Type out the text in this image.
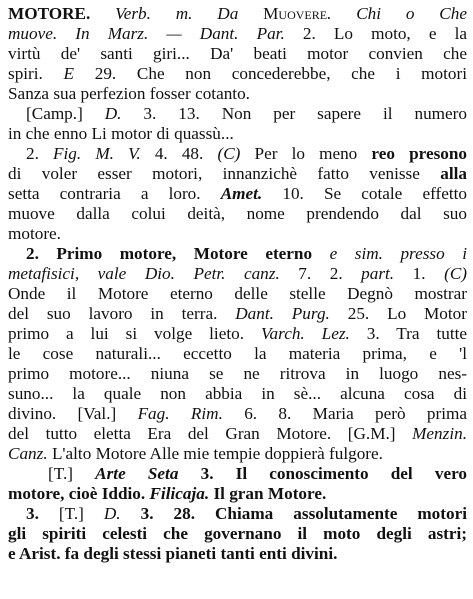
MOTORE. Verb. m. Da Muovere. Chi o Che
muove. In Marz. — Dant. Par. 2. Lo moto, e la
virtù de' santi giri... Da' beati motor convien che
spiri. E 29. Che non concederebbe, che i motori
Sanza sua perfezion fosser cotanto.
[Camp.] D. 3. 13. Non per sapere il numero
in che enno Li motor di quassù...
2. Fig. M. V. 4. 48. (C) Per lo meno reo presono
di voler esser motori, innanzichè fatto venisse alla
setta contraria a loro. Amet. 10. Se cotale effetto
muove dalla colui deità, nome prendendo dal suo
motore.
2. Primo motore, Motore eterno e sim. presso i
metafisici, vale Dio. Petr. canz. 7. 2. part. 1. (C)
Onde il Motore eterno delle stelle Degnò mostrar
del suo lavoro in terra. Dant. Purg. 25. Lo Motor
primo a lui si volge lieto. Varch. Lez. 3. Tra tutte
le cose naturali... eccetto la materia prima, e 'l
primo motore... niuna se ne ritrova in luogo nes-
suno... la quale non abbia in sè... alcuna cosa di
divino. [Val.] Fag. Rim. 6. 8. Maria però prima
del tutto eletta Era del Gran Motore. [G.M.] Menzin.
Canz. L'alto Motore Alle mie tempie doppierà fulgore.
[T.] Arte Seta 3. Il conoscimento del vero
motore, cioè Iddio. Filicaja. Il gran Motore.
3. [T.] D. 3. 28. Chiama assolutamente motori
gli spiriti celesti che governano il moto degli astri;
e Arist. fa degli stessi pianeti tanti enti divini.
